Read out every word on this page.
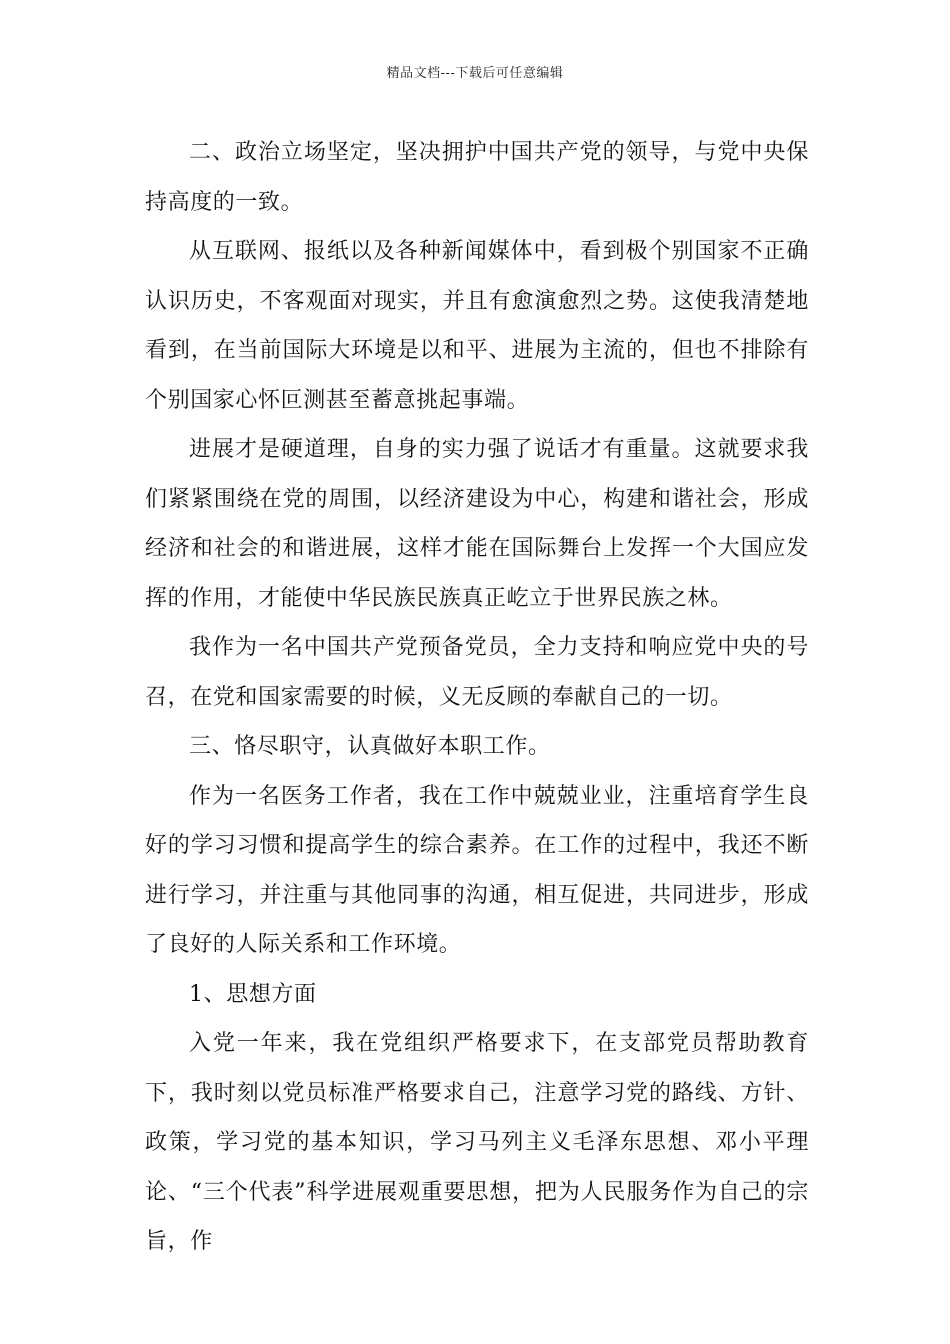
精品文档---下载后可任意编辑

二、政治立场坚定，坚决拥护中国共产党的领导，与党中央保持高度的一致。

从互联网、报纸以及各种新闻媒体中，看到极个别国家不正确认识历史，不客观面对现实，并且有愈演愈烈之势。这使我清楚地看到，在当前国际大环境是以和平、进展为主流的，但也不排除有个别国家心怀叵测甚至蓄意挑起事端。

进展才是硬道理，自身的实力强了说话才有重量。这就要求我们紧紧围绕在党的周围，以经济建设为中心，构建和谐社会，形成经济和社会的和谐进展，这样才能在国际舞台上发挥一个大国应发挥的作用，才能使中华民族民族真正屹立于世界民族之林。

我作为一名中国共产党预备党员，全力支持和响应党中央的号召，在党和国家需要的时候，义无反顾的奉献自己的一切。

三、恪尽职守，认真做好本职工作。

作为一名医务工作者，我在工作中兢兢业业，注重培育学生良好的学习习惯和提高学生的综合素养。在工作的过程中，我还不断进行学习，并注重与其他同事的沟通，相互促进，共同进步，形成了良好的人际关系和工作环境。

1、思想方面

入党一年来，我在党组织严格要求下，在支部党员帮助教育下，我时刻以党员标准严格要求自己，注意学习党的路线、方针、政策，学习党的基本知识，学习马列主义毛泽东思想、邓小平理论、“三个代表”科学进展观重要思想，把为人民服务作为自己的宗旨，作
